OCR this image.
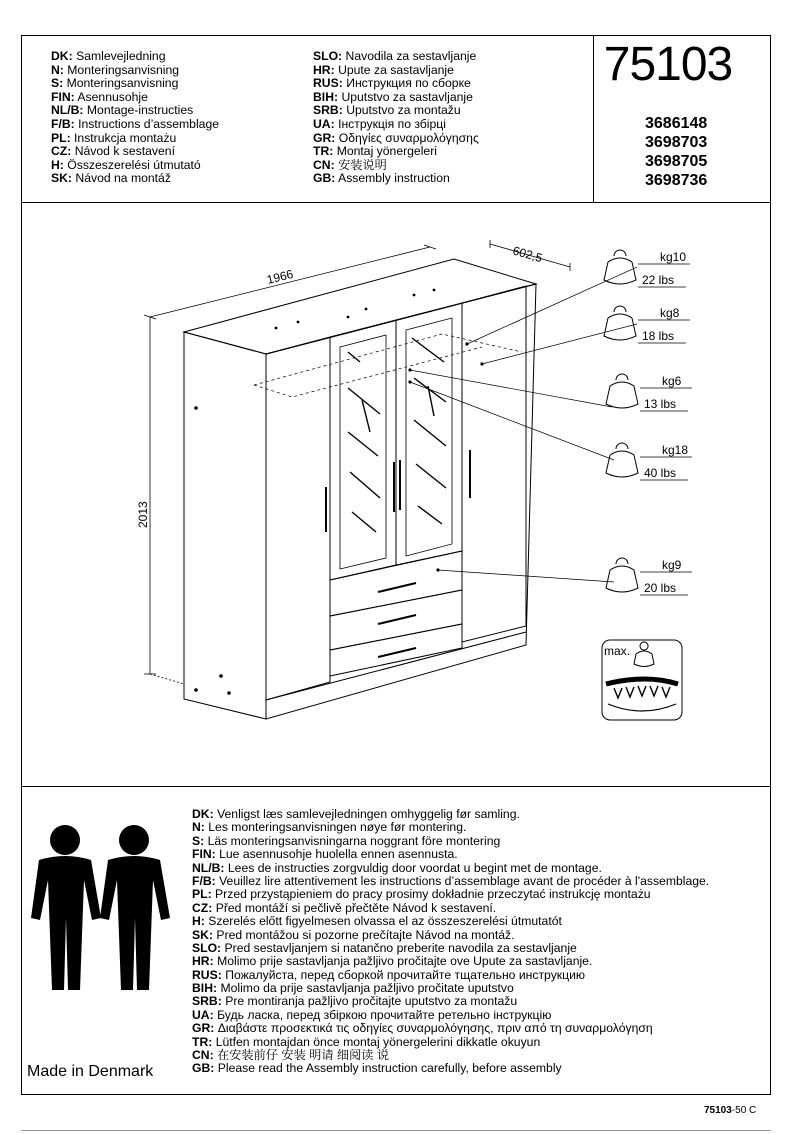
DK: Samlevejledning
N: Monteringsanvisning
S: Monteringsanvisning
FIN: Asennusohje
NL/B: Montage-instructies
F/B: Instructions d’assemblage
PL: Instrukcja montażu
CZ: Návod k sestavení
H: Összeszerelési útmutató
SK: Návod na montáž
SLO: Navodila za sestavljanje
HR: Upute za sastavljanje
RUS: Инструкция по сборке
BIH: Uputstvo za sastavljanje
SRB: Uputstvo za montažu
UA: Інструкція по збірці
GR: Οδηγίες συναρμολόγησης
TR: Montaj yönergeleri
CN: 安装说明
GB: Assembly instruction
75103
3686148
3698703
3698705
3698736
1966
602,5
2013
kg10
22 lbs
kg8
18 lbs
kg6
13 lbs
kg18
40 lbs
kg9
20 lbs
max.
DK: Venligst læs samlevejledningen omhyggelig før samling.
N: Les monteringsanvisningen nøye før montering.
S: Läs monteringsanvisningarna noggrant före montering
FIN: Lue asennusohje huolella ennen asennusta.
NL/B: Lees de instructies zorgvuldig door voordat u begint met de montage.
F/B: Veuillez lire attentivement les instructions d’assemblage avant de procéder à l'assemblage.
PL: Przed przystąpieniem do pracy prosimy dokładnie przeczytać instrukcję montażu
CZ: Před montáží si pečlivě přečtěte Návod k sestavení.
H: Szerelés előtt figyelmesen olvassa el az összeszerelési útmutatót
SK: Pred montážou si pozorne prečítajte Návod na montáž.
SLO: Pred sestavljanjem si natančno preberite navodila za sestavljanje
HR: Molimo prije sastavljanja pažljivo pročitajte ove Upute za sastavljanje.
RUS: Пожалуйста, перед сборкой прочитайте тщательно инструкцию
BIH: Molimo da prije sastavljanja pažljivo pročitate uputstvo
SRB: Pre montiranja pažljivo pročitajte uputstvo za montažu
UA: Будь ласка, перед збіркою прочитайте ретельно інструкцію
GR: Διαβάστε προσεκτικά τις οδηγίες συναρμολόγησης, πριν από τη συναρμολόγηση
TR: Lütfen montajdan önce montaj yönergelerini dikkatle okuyun
CN: 在安装前仔 安装 明请 细阅读 说
GB: Please read the Assembly instruction carefully, before assembly
Made in Denmark
75103-50 C
